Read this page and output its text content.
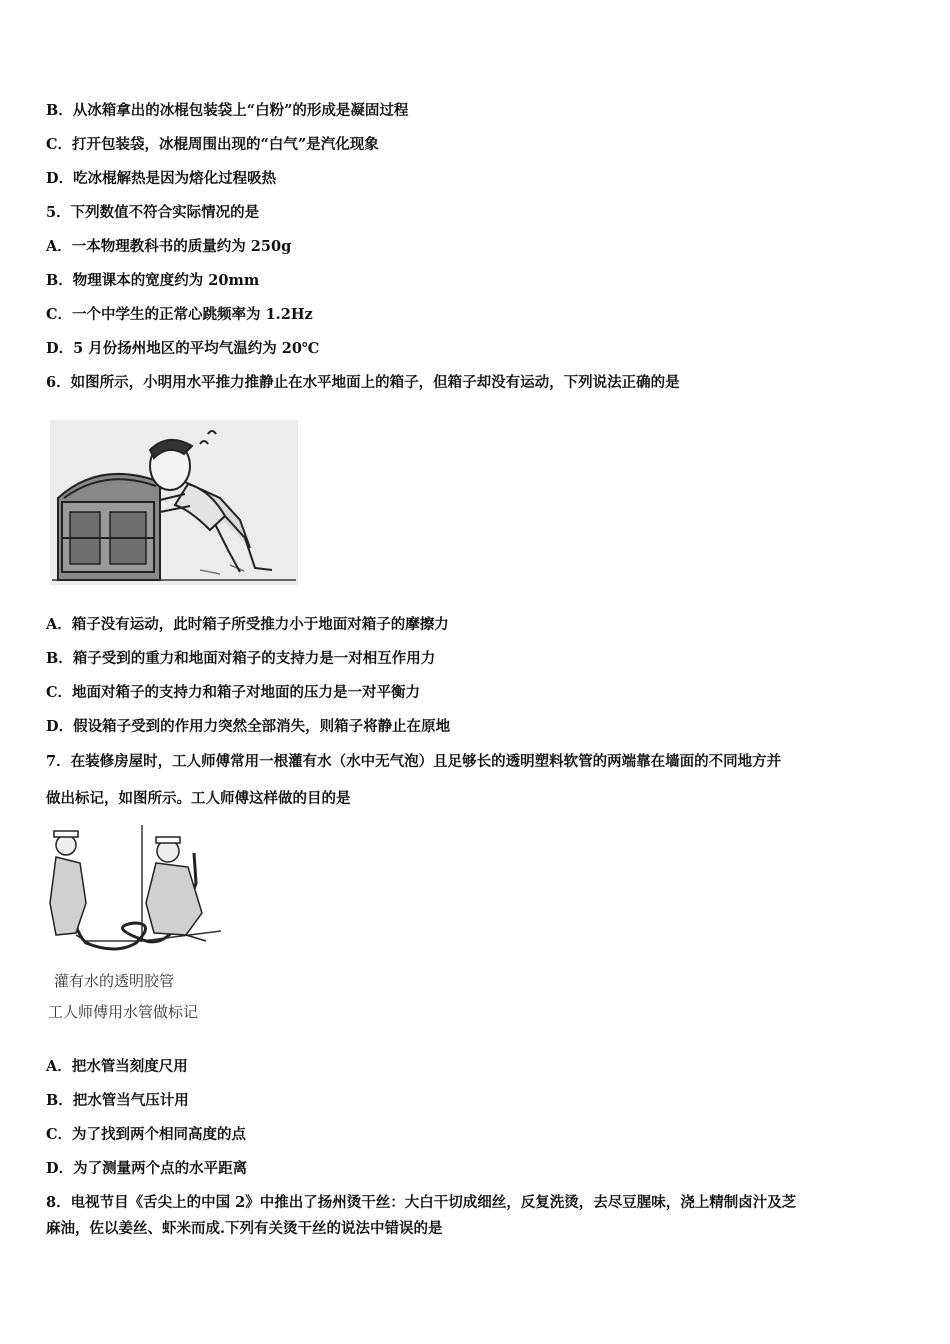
B．从冰箱拿出的冰棍包装袋上“白粉”的形成是凝固过程
C．打开包装袋，冰棍周围出现的“白气”是汽化现象
D．吃冰棍解热是因为熔化过程吸热
5．下列数值不符合实际情况的是
A．一本物理教科书的质量约为 250g
B．物理课本的宽度约为 20mm
C．一个中学生的正常心跳频率为 1.2Hz
D．5 月份扬州地区的平均气温约为 20℃
6．如图所示，小明用水平推力推静止在水平地面上的箱子，但箱子却没有运动，下列说法正确的是
A．箱子没有运动，此时箱子所受推力小于地面对箱子的摩擦力
B．箱子受到的重力和地面对箱子的支持力是一对相互作用力
C．地面对箱子的支持力和箱子对地面的压力是一对平衡力
D．假设箱子受到的作用力突然全部消失，则箱子将静止在原地
7．在装修房屋时，工人师傅常用一根灌有水（水中无气泡）且足够长的透明塑料软管的两端靠在墙面的不同地方并
做出标记，如图所示。工人师傅这样做的目的是
灌有水的透明胶管
工人师傅用水管做标记
A．把水管当刻度尺用
B．把水管当气压计用
C．为了找到两个相同高度的点
D．为了测量两个点的水平距离
8．电视节目《舌尖上的中国 2》中推出了扬州烫干丝：大白干切成细丝，反复洗烫，去尽豆腥味，浇上精制卤汁及芝
麻油，佐以姜丝、虾米而成.下列有关烫干丝的说法中错误的是
